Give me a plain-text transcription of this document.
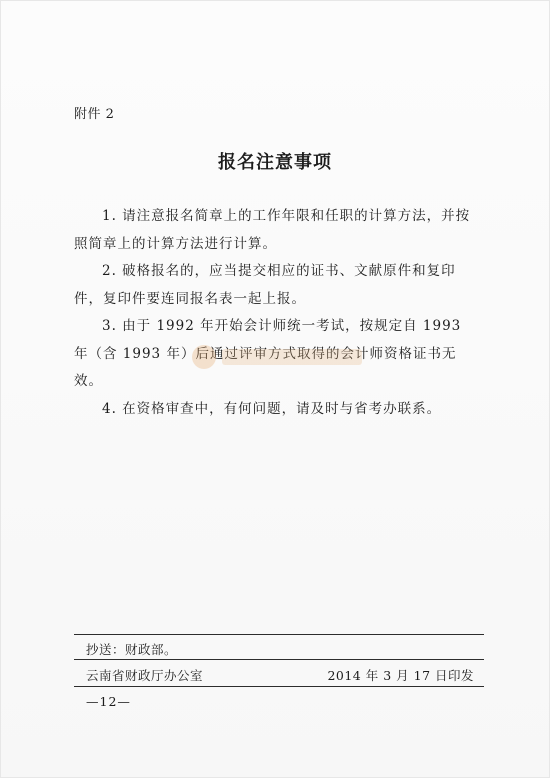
附件 2
报名注意事项

1. 请注意报名简章上的工作年限和任职的计算方法，并按照简章上的计算方法进行计算。

2. 破格报名的，应当提交相应的证书、文献原件和复印件，复印件要连同报名表一起上报。

3. 由于 1992 年开始会计师统一考试，按规定自 1993 年（含 1993 年）后通过评审方式取得的会计师资格证书无效。

4. 在资格审查中，有何问题，请及时与省考办联系。

抄送：财政部。
云南省财政厅办公室	2014 年 3 月 17 日印发
—12—
